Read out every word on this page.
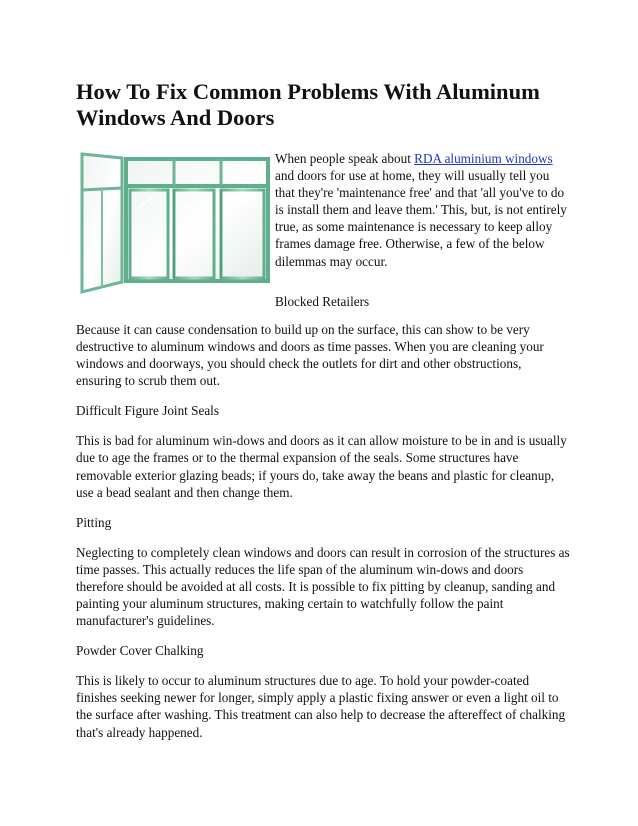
How To Fix Common Problems With Aluminum Windows And Doors

When people speak about RDA aluminium windows and doors for use at home, they will usually tell you that they're 'maintenance free' and that 'all you've to do is install them and leave them.' This, but, is not entirely true, as some maintenance is necessary to keep alloy frames damage free. Otherwise, a few of the below dilemmas may occur.

Blocked Retailers

Because it can cause condensation to build up on the surface, this can show to be very destructive to aluminum windows and doors as time passes. When you are cleaning your windows and doorways, you should check the outlets for dirt and other obstructions, ensuring to scrub them out.

Difficult Figure Joint Seals

This is bad for aluminum win-dows and doors as it can allow moisture to be in and is usually due to age the frames or to the thermal expansion of the seals. Some structures have removable exterior glazing beads; if yours do, take away the beans and plastic for cleanup, use a bead sealant and then change them.

Pitting

Neglecting to completely clean windows and doors can result in corrosion of the structures as time passes. This actually reduces the life span of the aluminum win-dows and doors therefore should be avoided at all costs. It is possible to fix pitting by cleanup, sanding and painting your aluminum structures, making certain to watchfully follow the paint manufacturer's guidelines.

Powder Cover Chalking

This is likely to occur to aluminum structures due to age. To hold your powder-coated finishes seeking newer for longer, simply apply a plastic fixing answer or even a light oil to the surface after washing. This treatment can also help to decrease the aftereffect of chalking that's already happened.
